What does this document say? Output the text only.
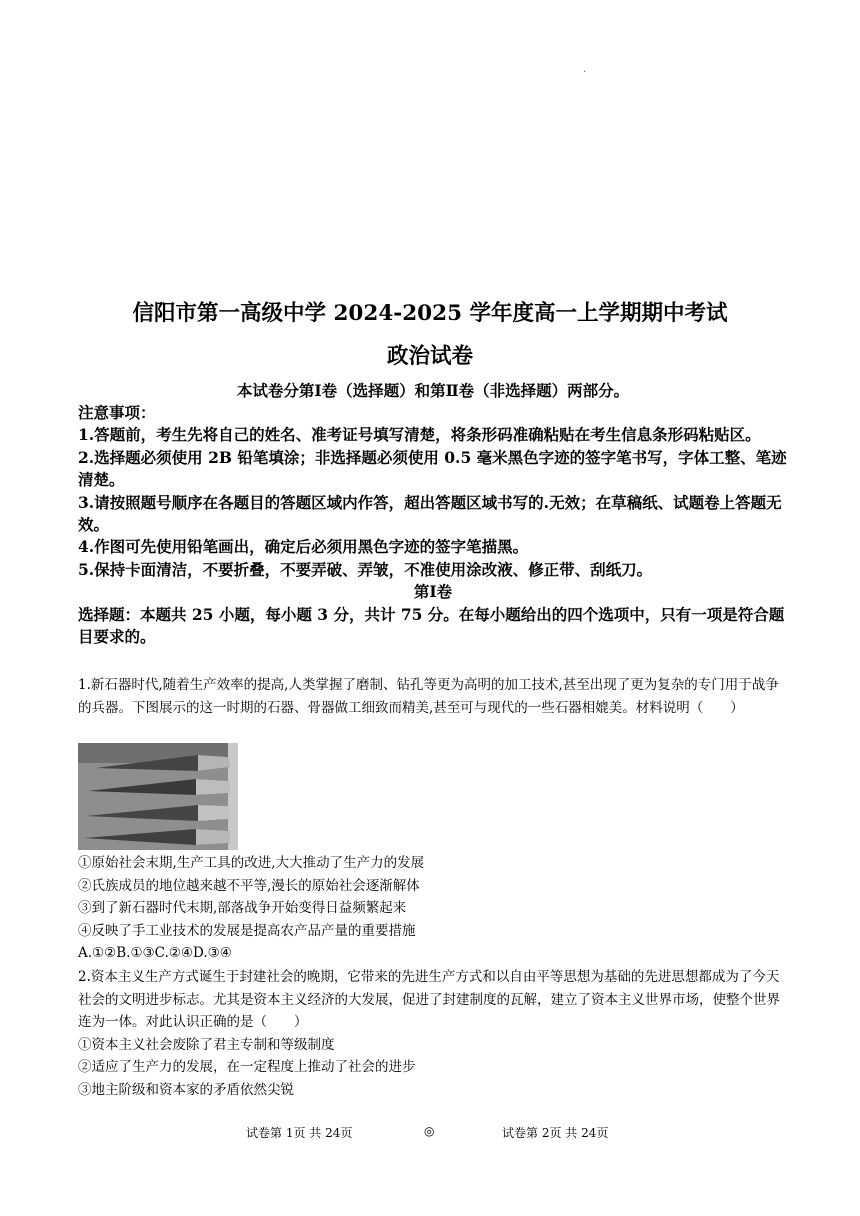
·
信阳市第一高级中学 2024-2025 学年度高一上学期期中考试
政治试卷
本试卷分第Ⅰ卷（选择题）和第Ⅱ卷（非选择题）两部分。

注意事项：

1.答题前，考生先将自己的姓名、准考证号填写清楚，将条形码准确粘贴在考生信息条形码粘贴区。

2.选择题必须使用 2B 铅笔填涂；非选择题必须使用 0.5 毫米黑色字迹的签字笔书写，字体工整、笔迹清楚。

3.请按照题号顺序在各题目的答题区域内作答，超出答题区域书写的.无效；在草稿纸、试题卷上答题无效。

4.作图可先使用铅笔画出，确定后必须用黑色字迹的签字笔描黑。

5.保持卡面清洁，不要折叠，不要弄破、弄皱，不准使用涂改液、修正带、刮纸刀。

第Ⅰ卷

选择题：本题共 25 小题，每小题 3 分，共计 75 分。在每小题给出的四个选项中，只有一项是符合题目要求的。

1.新石器时代,随着生产效率的提高,人类掌握了磨制、钻孔等更为高明的加工技术,甚至出现了更为复杂的专门用于战争的兵器。下图展示的这一时期的石器、骨器做工细致而精美,甚至可与现代的一些石器相媲美。材料说明（　　）

①原始社会末期,生产工具的改进,大大推动了生产力的发展

②氏族成员的地位越来越不平等,漫长的原始社会逐渐解体

③到了新石器时代末期,部落战争开始变得日益频繁起来

④反映了手工业技术的发展是提高农产品产量的重要措施

A.①②B.①③C.②④D.③④

2.资本主义生产方式诞生于封建社会的晚期，它带来的先进生产方式和以自由平等思想为基础的先进思想都成为了今天社会的文明进步标志。尤其是资本主义经济的大发展，促进了封建制度的瓦解，建立了资本主义世界市场，使整个世界连为一体。对此认识正确的是（　　）

①资本主义社会废除了君主专制和等级制度

②适应了生产力的发展，在一定程度上推动了社会的进步

③地主阶级和资本家的矛盾依然尖锐

试卷第 1页 共 24页	◎	试卷第 2页 共 24页
